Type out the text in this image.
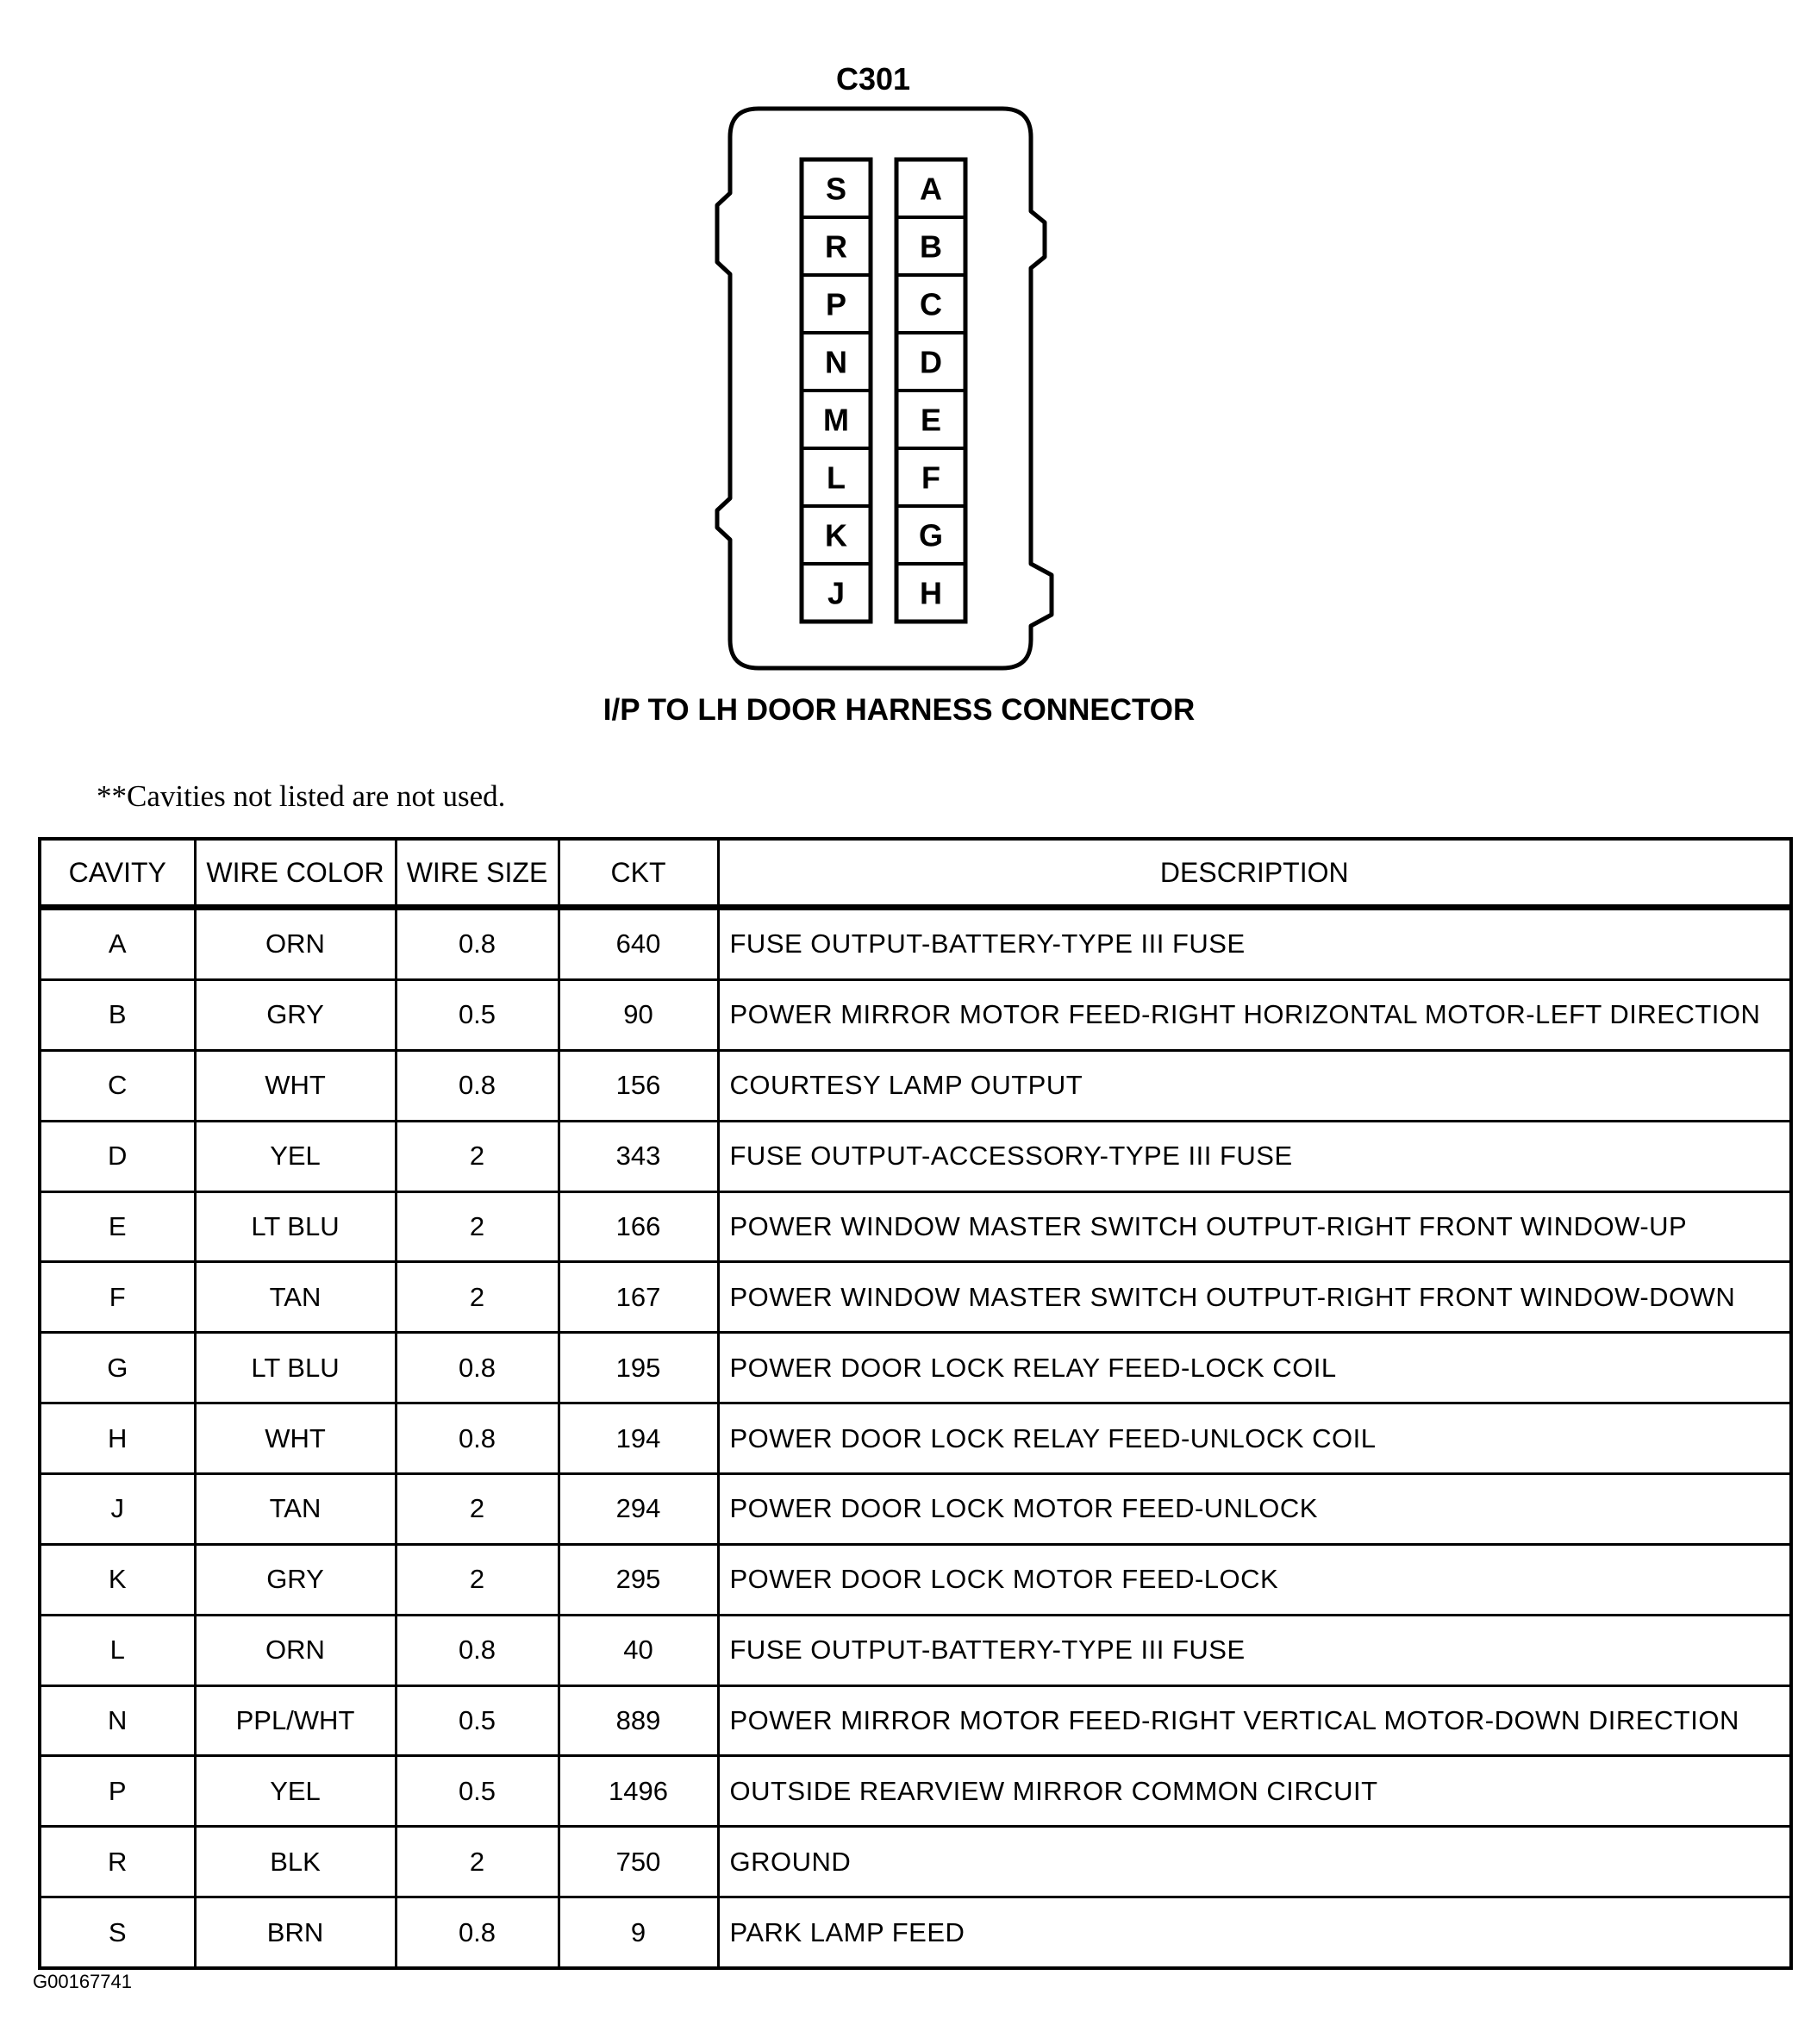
C301
S
R
P
N
M
L
K
J
A
B
C
D
E
F
G
H
I/P TO LH DOOR HARNESS CONNECTOR
**Cavities not listed are not used.
CAVITY	WIRE COLOR	WIRE SIZE	CKT	DESCRIPTION
A	ORN	0.8	640	FUSE OUTPUT-BATTERY-TYPE III FUSE
B	GRY	0.5	90	POWER MIRROR MOTOR FEED-RIGHT HORIZONTAL MOTOR-LEFT DIRECTION
C	WHT	0.8	156	COURTESY LAMP OUTPUT
D	YEL	2	343	FUSE OUTPUT-ACCESSORY-TYPE III FUSE
E	LT BLU	2	166	POWER WINDOW MASTER SWITCH OUTPUT-RIGHT FRONT WINDOW-UP
F	TAN	2	167	POWER WINDOW MASTER SWITCH OUTPUT-RIGHT FRONT WINDOW-DOWN
G	LT BLU	0.8	195	POWER DOOR LOCK RELAY FEED-LOCK COIL
H	WHT	0.8	194	POWER DOOR LOCK RELAY FEED-UNLOCK COIL
J	TAN	2	294	POWER DOOR LOCK MOTOR FEED-UNLOCK
K	GRY	2	295	POWER DOOR LOCK MOTOR FEED-LOCK
L	ORN	0.8	40	FUSE OUTPUT-BATTERY-TYPE III FUSE
N	PPL/WHT	0.5	889	POWER MIRROR MOTOR FEED-RIGHT VERTICAL MOTOR-DOWN DIRECTION
P	YEL	0.5	1496	OUTSIDE REARVIEW MIRROR COMMON CIRCUIT
R	BLK	2	750	GROUND
S	BRN	0.8	9	PARK LAMP FEED
G00167741
